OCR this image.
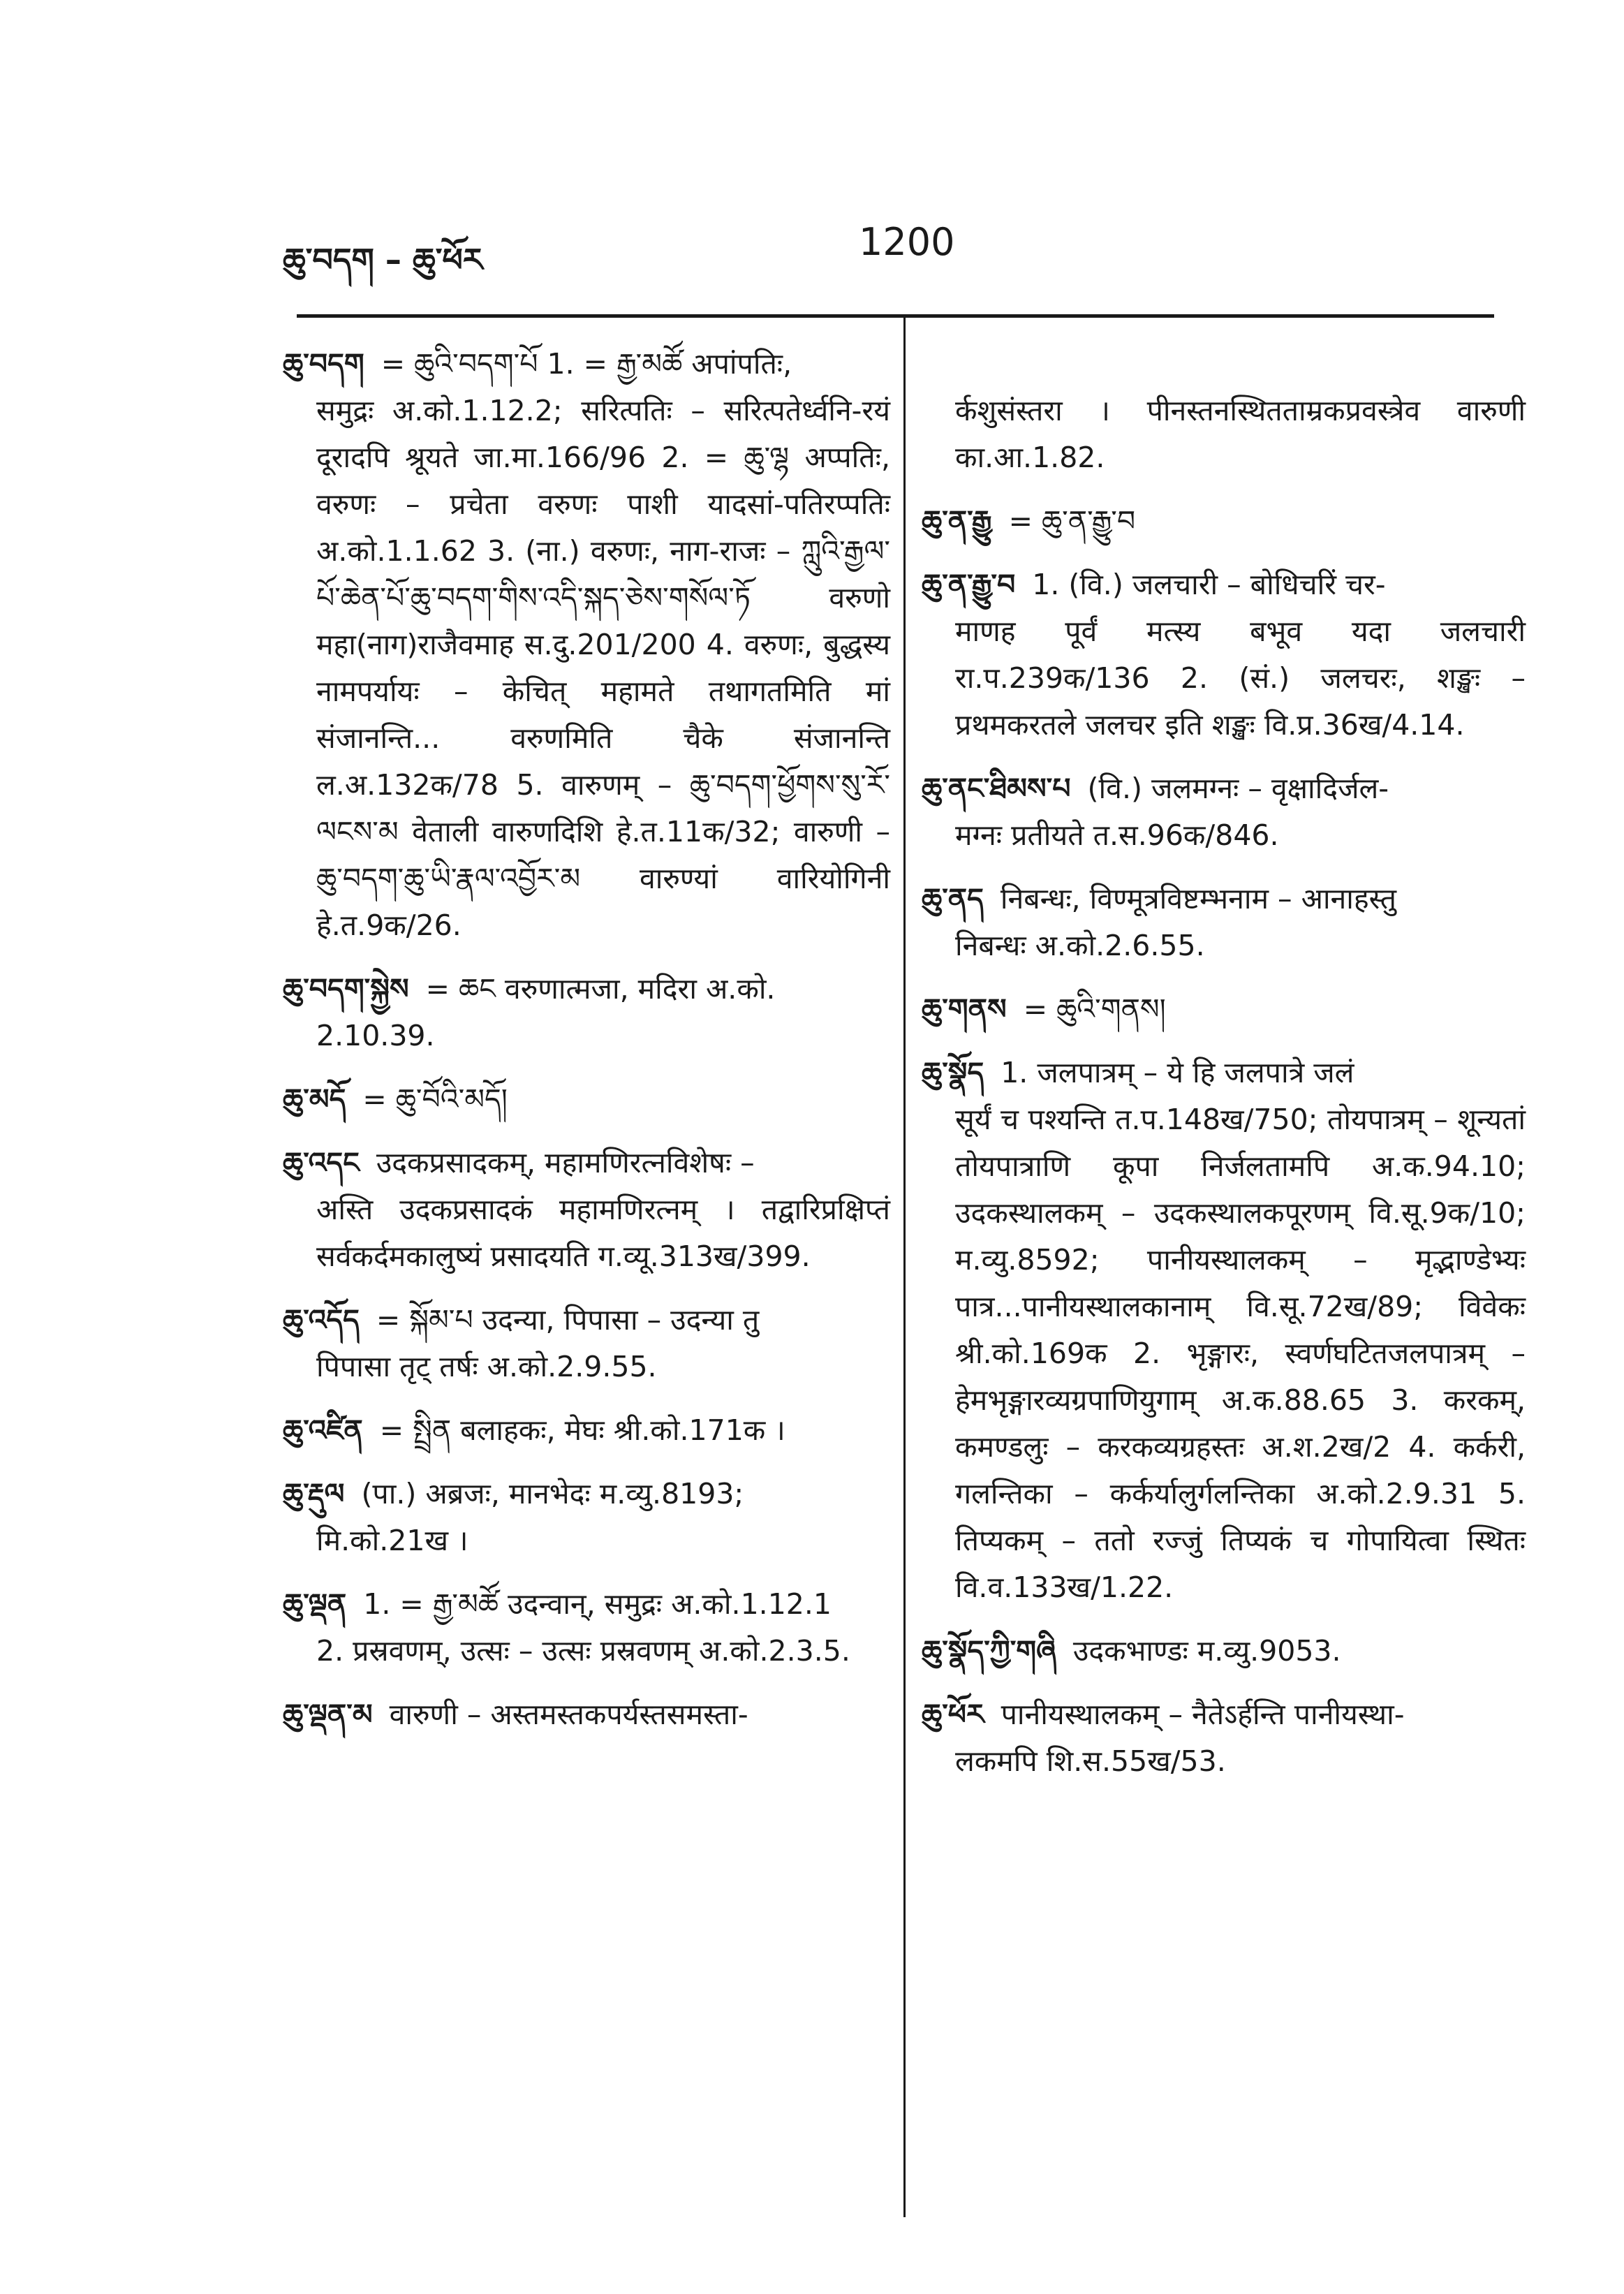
ཆུ་བདག – ཆུ་ཕོར	1200
ཆུ་བདག = ཆུའི་བདག་པོ 1. = རྒྱ་མཚོ अपांपतिः,
समुद्रः अ.को.1.12.2; सरित्पतिः – सरित्पतेर्ध्वनि-रयं दूरादपि श्रूयते जा.मा.166/96 2. = ཆུ་ལྷ अप्पतिः, वरुणः – प्रचेता वरुणः पाशी यादसां-पतिरप्पतिः अ.को.1.1.62 3. (ना.) वरुणः, नाग-राजः – ཀླུའི་རྒྱལ་པོ་ཆེན་པོ་ཆུ་བདག་གིས་འདི་སྐད་ཅེས་གསོལ་ཏོ वरुणो महा(नाग)राजैवमाह स.दु.201/200 4. वरुणः, बुद्धस्य नामपर्यायः – केचित् महामते तथागतमिति मां संजानन्ति... वरुणमिति चैके संजानन्ति ल.अ.132क/78 5. वारुणम् – ཆུ་བདག་ཕྱོགས་སུ་རོ་ལངས་མ वेताली वारुणदिशि हे.त.11क/32; वारुणी – ཆུ་བདག་ཆུ་ཡི་རྣལ་འབྱོར་མ वारुण्यां वारियोगिनी हे.त.9क/26.
ཆུ་བདག་སྐྱེས = ཆང वरुणात्मजा, मदिरा अ.को.
2.10.39.
ཆུ་མདོ = ཆུ་བོའི་མདོ།
ཆུ་འདང उदकप्रसादकम्, महामणिरत्नविशेषः –
अस्ति उदकप्रसादकं महामणिरत्नम् । तद्वारिप्रक्षिप्तं सर्वकर्दमकालुष्यं प्रसादयति ग.व्यू.313ख/399.
ཆུ་འདོད = སྐོམ་པ उदन्या, पिपासा – उदन्या तु
पिपासा तृट् तर्षः अ.को.2.9.55.
ཆུ་འཛིན = སྤྲིན बलाहकः, मेघः श्री.को.171क ।
ཆུ་རྡུལ (पा.) अब्रजः, मानभेदः म.व्यु.8193;
मि.को.21ख ।
ཆུ་ལྡན 1. = རྒྱ་མཚོ उदन्वान्, समुद्रः अ.को.1.12.1
2. प्रस्रवणम्, उत्सः – उत्सः प्रस्रवणम् अ.को.2.3.5.
ཆུ་ལྡན་མ वारुणी – अस्तमस्तकपर्यस्तसमस्ता-
र्कशुसंस्तरा । पीनस्तनस्थितताम्रकप्रवस्त्रेव वारुणी का.आ.1.82.
ཆུ་ན་རྒྱུ = ཆུ་ན་རྒྱུ་བ
ཆུ་ན་རྒྱུ་བ 1. (वि.) जलचारी – बोधिचरिं चर-
माणह पूर्वं मत्स्य बभूव यदा जलचारी रा.प.239क/136 2. (सं.) जलचरः, शङ्खः – प्रथमकरतले जलचर इति शङ्खः वि.प्र.36ख/4.14.
ཆུ་ནང་ཐིམས་པ (वि.) जलमग्नः – वृक्षादिर्जल-
मग्नः प्रतीयते त.स.96क/846.
ཆུ་ནད निबन्धः, विण्मूत्रविष्टम्भनाम – आनाहस्तु
निबन्धः अ.को.2.6.55.
ཆུ་གནས = ཆུའི་གནས།
ཆུ་སྣོད 1. जलपात्रम् – ये हि जलपात्रे जलं
सूर्यं च पश्यन्ति त.प.148ख/750; तोयपात्रम् – शून्यतां तोयपात्राणि कूपा निर्जलतामपि अ.क.94.10; उदकस्थालकम् – उदकस्थालकपूरणम् वि.सू.9क/10; म.व्यु.8592; पानीयस्थालकम् – मृद्भाण्डेभ्यः पात्र...पानीयस्थालकानाम् वि.सू.72ख/89; विवेकः श्री.को.169क 2. भृङ्गारः, स्वर्णघटितजलपात्रम् – हेमभृङ्गारव्यग्रपाणियुगाम् अ.क.88.65 3. करकम्, कमण्डलुः – करकव्यग्रहस्तः अ.श.2ख/2 4. कर्करी, गलन्तिका – कर्कर्यालुर्गलन्तिका अ.को.2.9.31 5. तिप्यकम् – ततो रज्जुं तिप्यकं च गोपायित्वा स्थितः वि.व.133ख/1.22.
ཆུ་སྣོད་ཀྱི་གཞི उदकभाण्डः म.व्यु.9053.
ཆུ་ཕོར पानीयस्थालकम् – नैतेऽर्हन्ति पानीयस्था-
लकमपि शि.स.55ख/53.
